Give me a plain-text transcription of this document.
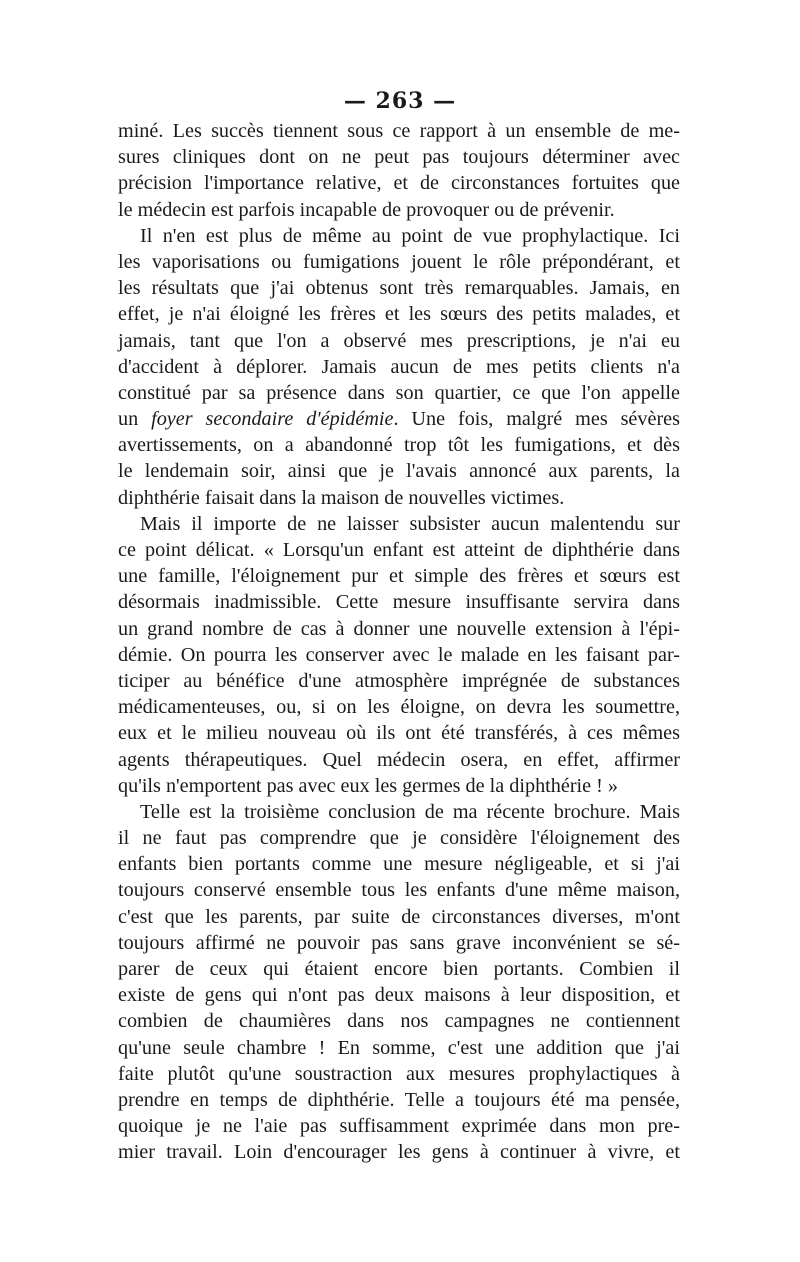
— 263 —
miné. Les succès tiennent sous ce rapport à un ensemble de me-
sures cliniques dont on ne peut pas toujours déterminer avec
précision l'importance relative, et de circonstances fortuites que
le médecin est parfois incapable de provoquer ou de prévenir.
Il n'en est plus de même au point de vue prophylactique. Ici
les vaporisations ou fumigations jouent le rôle prépondérant, et
les résultats que j'ai obtenus sont très remarquables. Jamais, en
effet, je n'ai éloigné les frères et les sœurs des petits malades, et
jamais, tant que l'on a observé mes prescriptions, je n'ai eu
d'accident à déplorer. Jamais aucun de mes petits clients n'a
constitué par sa présence dans son quartier, ce que l'on appelle
un foyer secondaire d'épidémie. Une fois, malgré mes sévères
avertissements, on a abandonné trop tôt les fumigations, et dès
le lendemain soir, ainsi que je l'avais annoncé aux parents, la
diphthérie faisait dans la maison de nouvelles victimes.
Mais il importe de ne laisser subsister aucun malentendu sur
ce point délicat. « Lorsqu'un enfant est atteint de diphthérie dans
une famille, l'éloignement pur et simple des frères et sœurs est
désormais inadmissible. Cette mesure insuffisante servira dans
un grand nombre de cas à donner une nouvelle extension à l'épi-
démie. On pourra les conserver avec le malade en les faisant par-
ticiper au bénéfice d'une atmosphère imprégnée de substances
médicamenteuses, ou, si on les éloigne, on devra les soumettre,
eux et le milieu nouveau où ils ont été transférés, à ces mêmes
agents thérapeutiques. Quel médecin osera, en effet, affirmer
qu'ils n'emportent pas avec eux les germes de la diphthérie ! »
Telle est la troisième conclusion de ma récente brochure. Mais
il ne faut pas comprendre que je considère l'éloignement des
enfants bien portants comme une mesure négligeable, et si j'ai
toujours conservé ensemble tous les enfants d'une même maison,
c'est que les parents, par suite de circonstances diverses, m'ont
toujours affirmé ne pouvoir pas sans grave inconvénient se sé-
parer de ceux qui étaient encore bien portants. Combien il
existe de gens qui n'ont pas deux maisons à leur disposition, et
combien de chaumières dans nos campagnes ne contiennent
qu'une seule chambre ! En somme, c'est une addition que j'ai
faite plutôt qu'une soustraction aux mesures prophylactiques à
prendre en temps de diphthérie. Telle a toujours été ma pensée,
quoique je ne l'aie pas suffisamment exprimée dans mon pre-
mier travail. Loin d'encourager les gens à continuer à vivre, et
